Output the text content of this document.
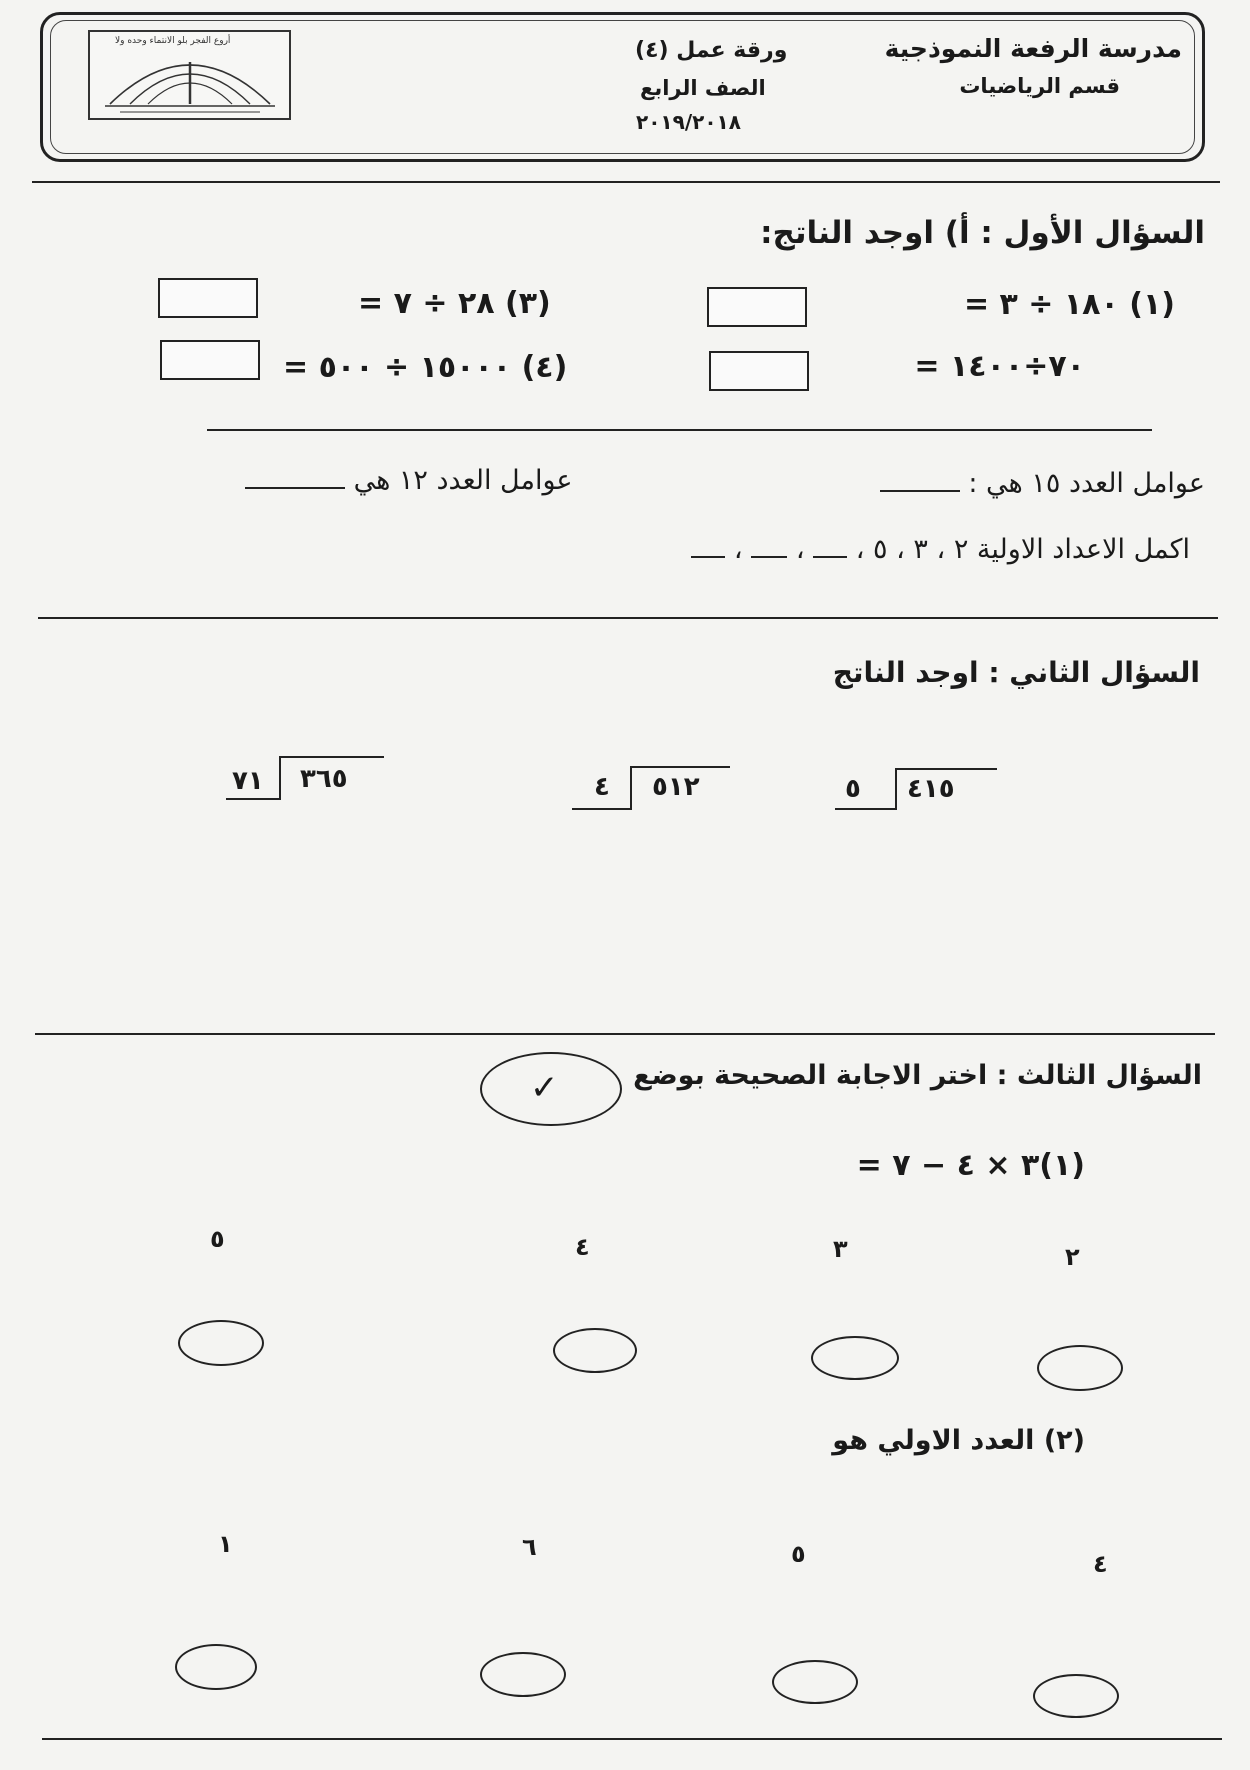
مدرسة الرفعة النموذجية
قسم الرياضيات
ورقة عمل (٤)
الصف الرابع
٢٠١٩/٢٠١٨
أروع الفجر بلو الانتماء وحده ولا
السؤال الأول : أ) اوجد الناتج:
(١) ١٨٠ ÷ ٣ =
(٣) ٢٨ ÷ ٧ =
٧٠÷١٤٠٠ =
(٤) ١٥٠٠٠ ÷ ٥٠٠ =
عوامل العدد ١٥ هي :
عوامل العدد ١٢ هي
اكمل الاعداد الاولية ٢ ، ٣ ، ٥ ،  ،  ،
السؤال الثاني : اوجد الناتج
٥ ٤١٥
٤ ٥١٢
٧١ ٣٦٥
السؤال الثالث : اختر الاجابة الصحيحة بوضع
✓
(١)٣ × ٤ − ٧ =
٢
٣
٤
٥
(٢) العدد الاولي هو
٤
٥
٦
١
